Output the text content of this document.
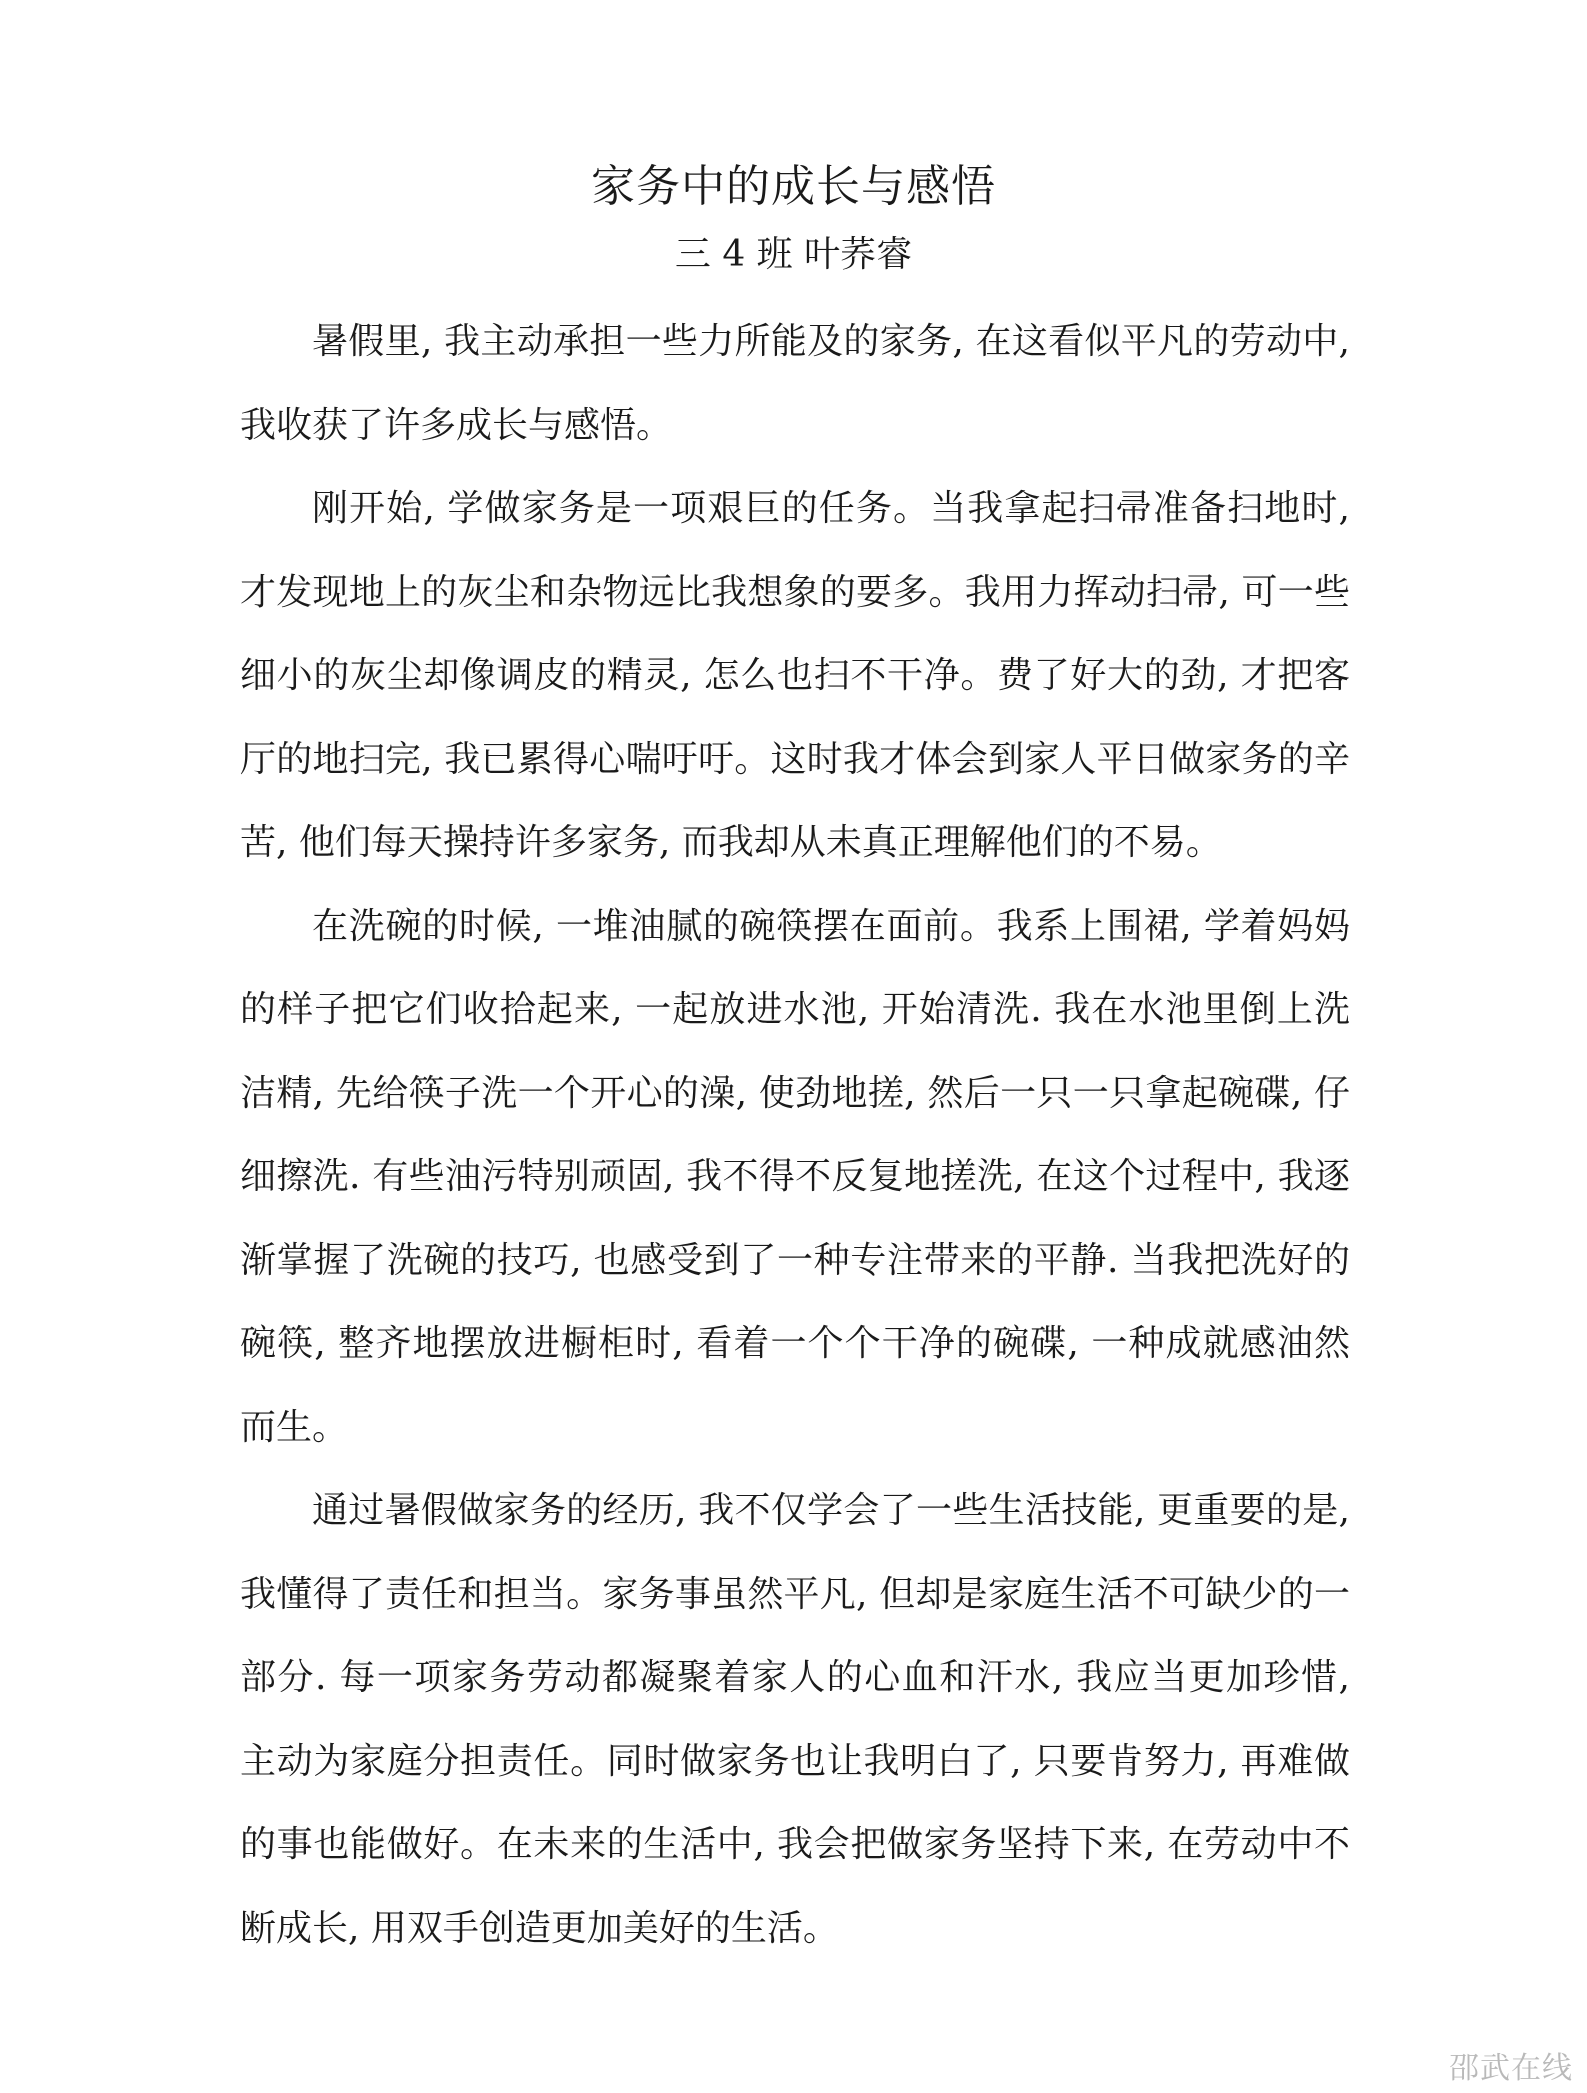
家务中的成长与感悟
三 4 班 叶荞睿

暑假里, 我主动承担一些力所能及的家务, 在这看似平凡的劳动中, 我收获了许多成长与感悟。

刚开始, 学做家务是一项艰巨的任务。当我拿起扫帚准备扫地时, 才发现地上的灰尘和杂物远比我想象的要多。我用力挥动扫帚, 可一些细小的灰尘却像调皮的精灵, 怎么也扫不干净。费了好大的劲, 才把客厅的地扫完, 我已累得心喘吁吁。这时我才体会到家人平日做家务的辛苦, 他们每天操持许多家务, 而我却从未真正理解他们的不易。

在洗碗的时候, 一堆油腻的碗筷摆在面前。我系上围裙, 学着妈妈的样子把它们收拾起来, 一起放进水池, 开始清洗. 我在水池里倒上洗洁精, 先给筷子洗一个开心的澡, 使劲地搓, 然后一只一只拿起碗碟, 仔细擦洗. 有些油污特别顽固, 我不得不反复地搓洗, 在这个过程中, 我逐渐掌握了洗碗的技巧, 也感受到了一种专注带来的平静. 当我把洗好的碗筷, 整齐地摆放进橱柜时, 看着一个个干净的碗碟, 一种成就感油然而生。

通过暑假做家务的经历, 我不仅学会了一些生活技能, 更重要的是, 我懂得了责任和担当。家务事虽然平凡, 但却是家庭生活不可缺少的一部分. 每一项家务劳动都凝聚着家人的心血和汗水, 我应当更加珍惜, 主动为家庭分担责任。同时做家务也让我明白了, 只要肯努力, 再难做的事也能做好。在未来的生活中, 我会把做家务坚持下来, 在劳动中不断成长, 用双手创造更加美好的生活。

邵武在线
